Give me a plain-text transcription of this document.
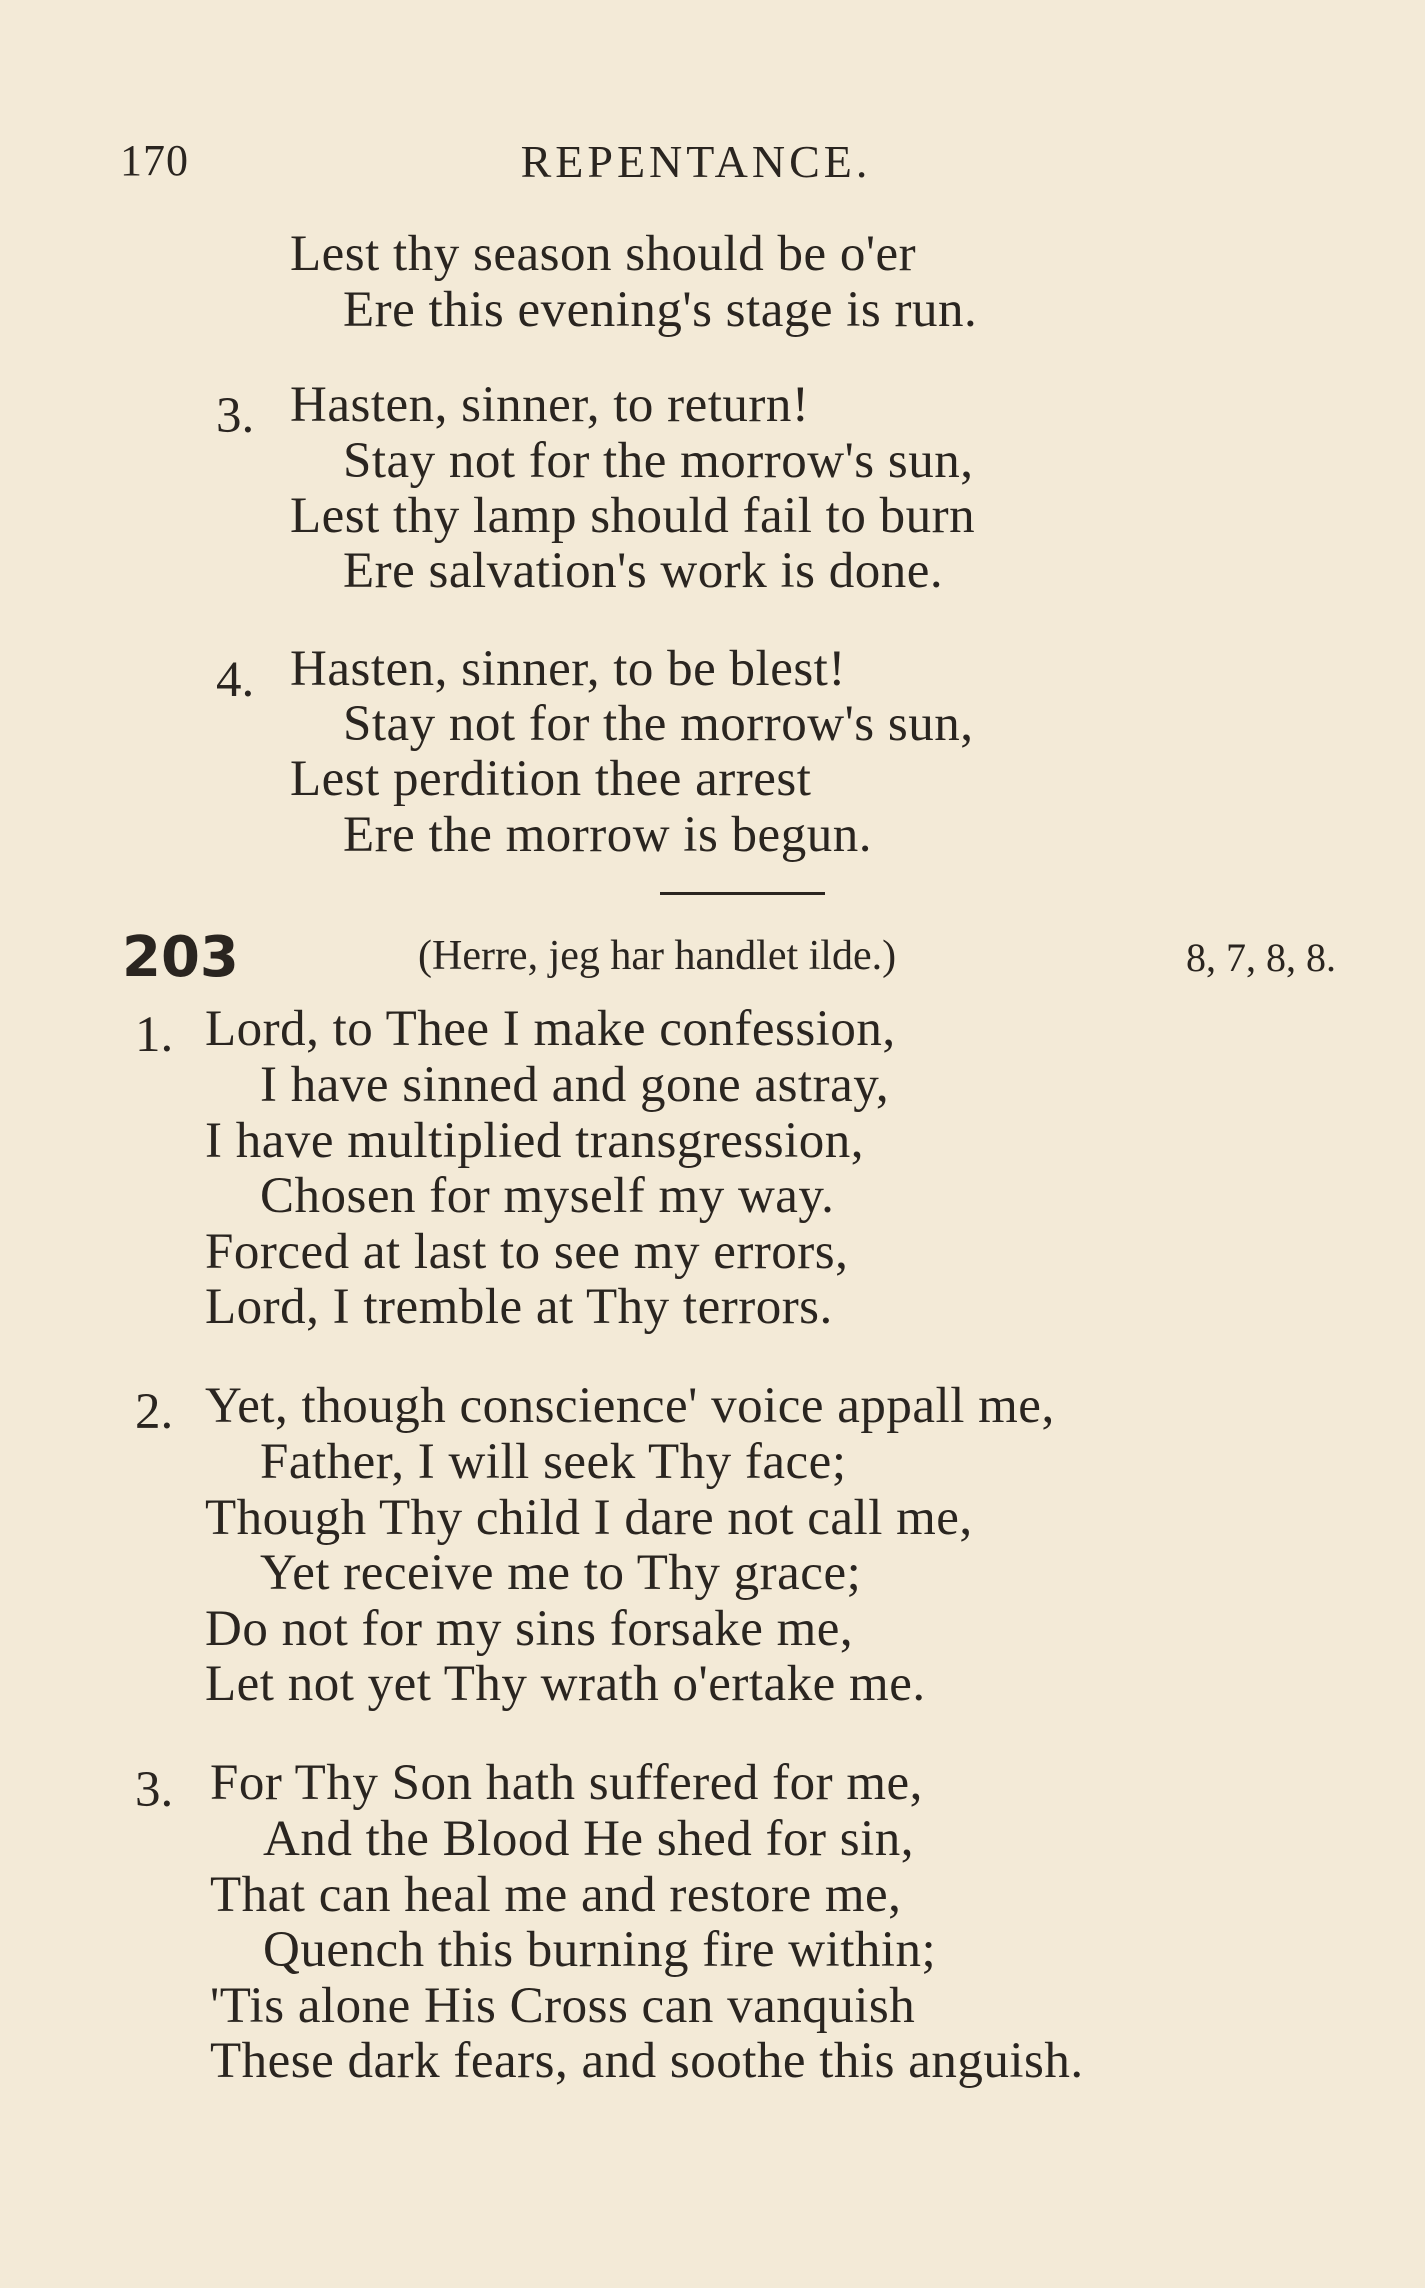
170	REPENTANCE.
Lest thy season should be o'er
Ere this evening's stage is run.
3. Hasten, sinner, to return!
Stay not for the morrow's sun,
Lest thy lamp should fail to burn
Ere salvation's work is done.
4. Hasten, sinner, to be blest!
Stay not for the morrow's sun,
Lest perdition thee arrest
Ere the morrow is begun.
203	(Herre, jeg har handlet ilde.)	8, 7, 8, 8.
1. Lord, to Thee I make confession,
I have sinned and gone astray,
I have multiplied transgression,
Chosen for myself my way.
Forced at last to see my errors,
Lord, I tremble at Thy terrors.
2. Yet, though conscience' voice appall me,
Father, I will seek Thy face;
Though Thy child I dare not call me,
Yet receive me to Thy grace;
Do not for my sins forsake me,
Let not yet Thy wrath o'ertake me.
3. For Thy Son hath suffered for me,
And the Blood He shed for sin,
That can heal me and restore me,
Quench this burning fire within;
'Tis alone His Cross can vanquish
These dark fears, and soothe this anguish.
